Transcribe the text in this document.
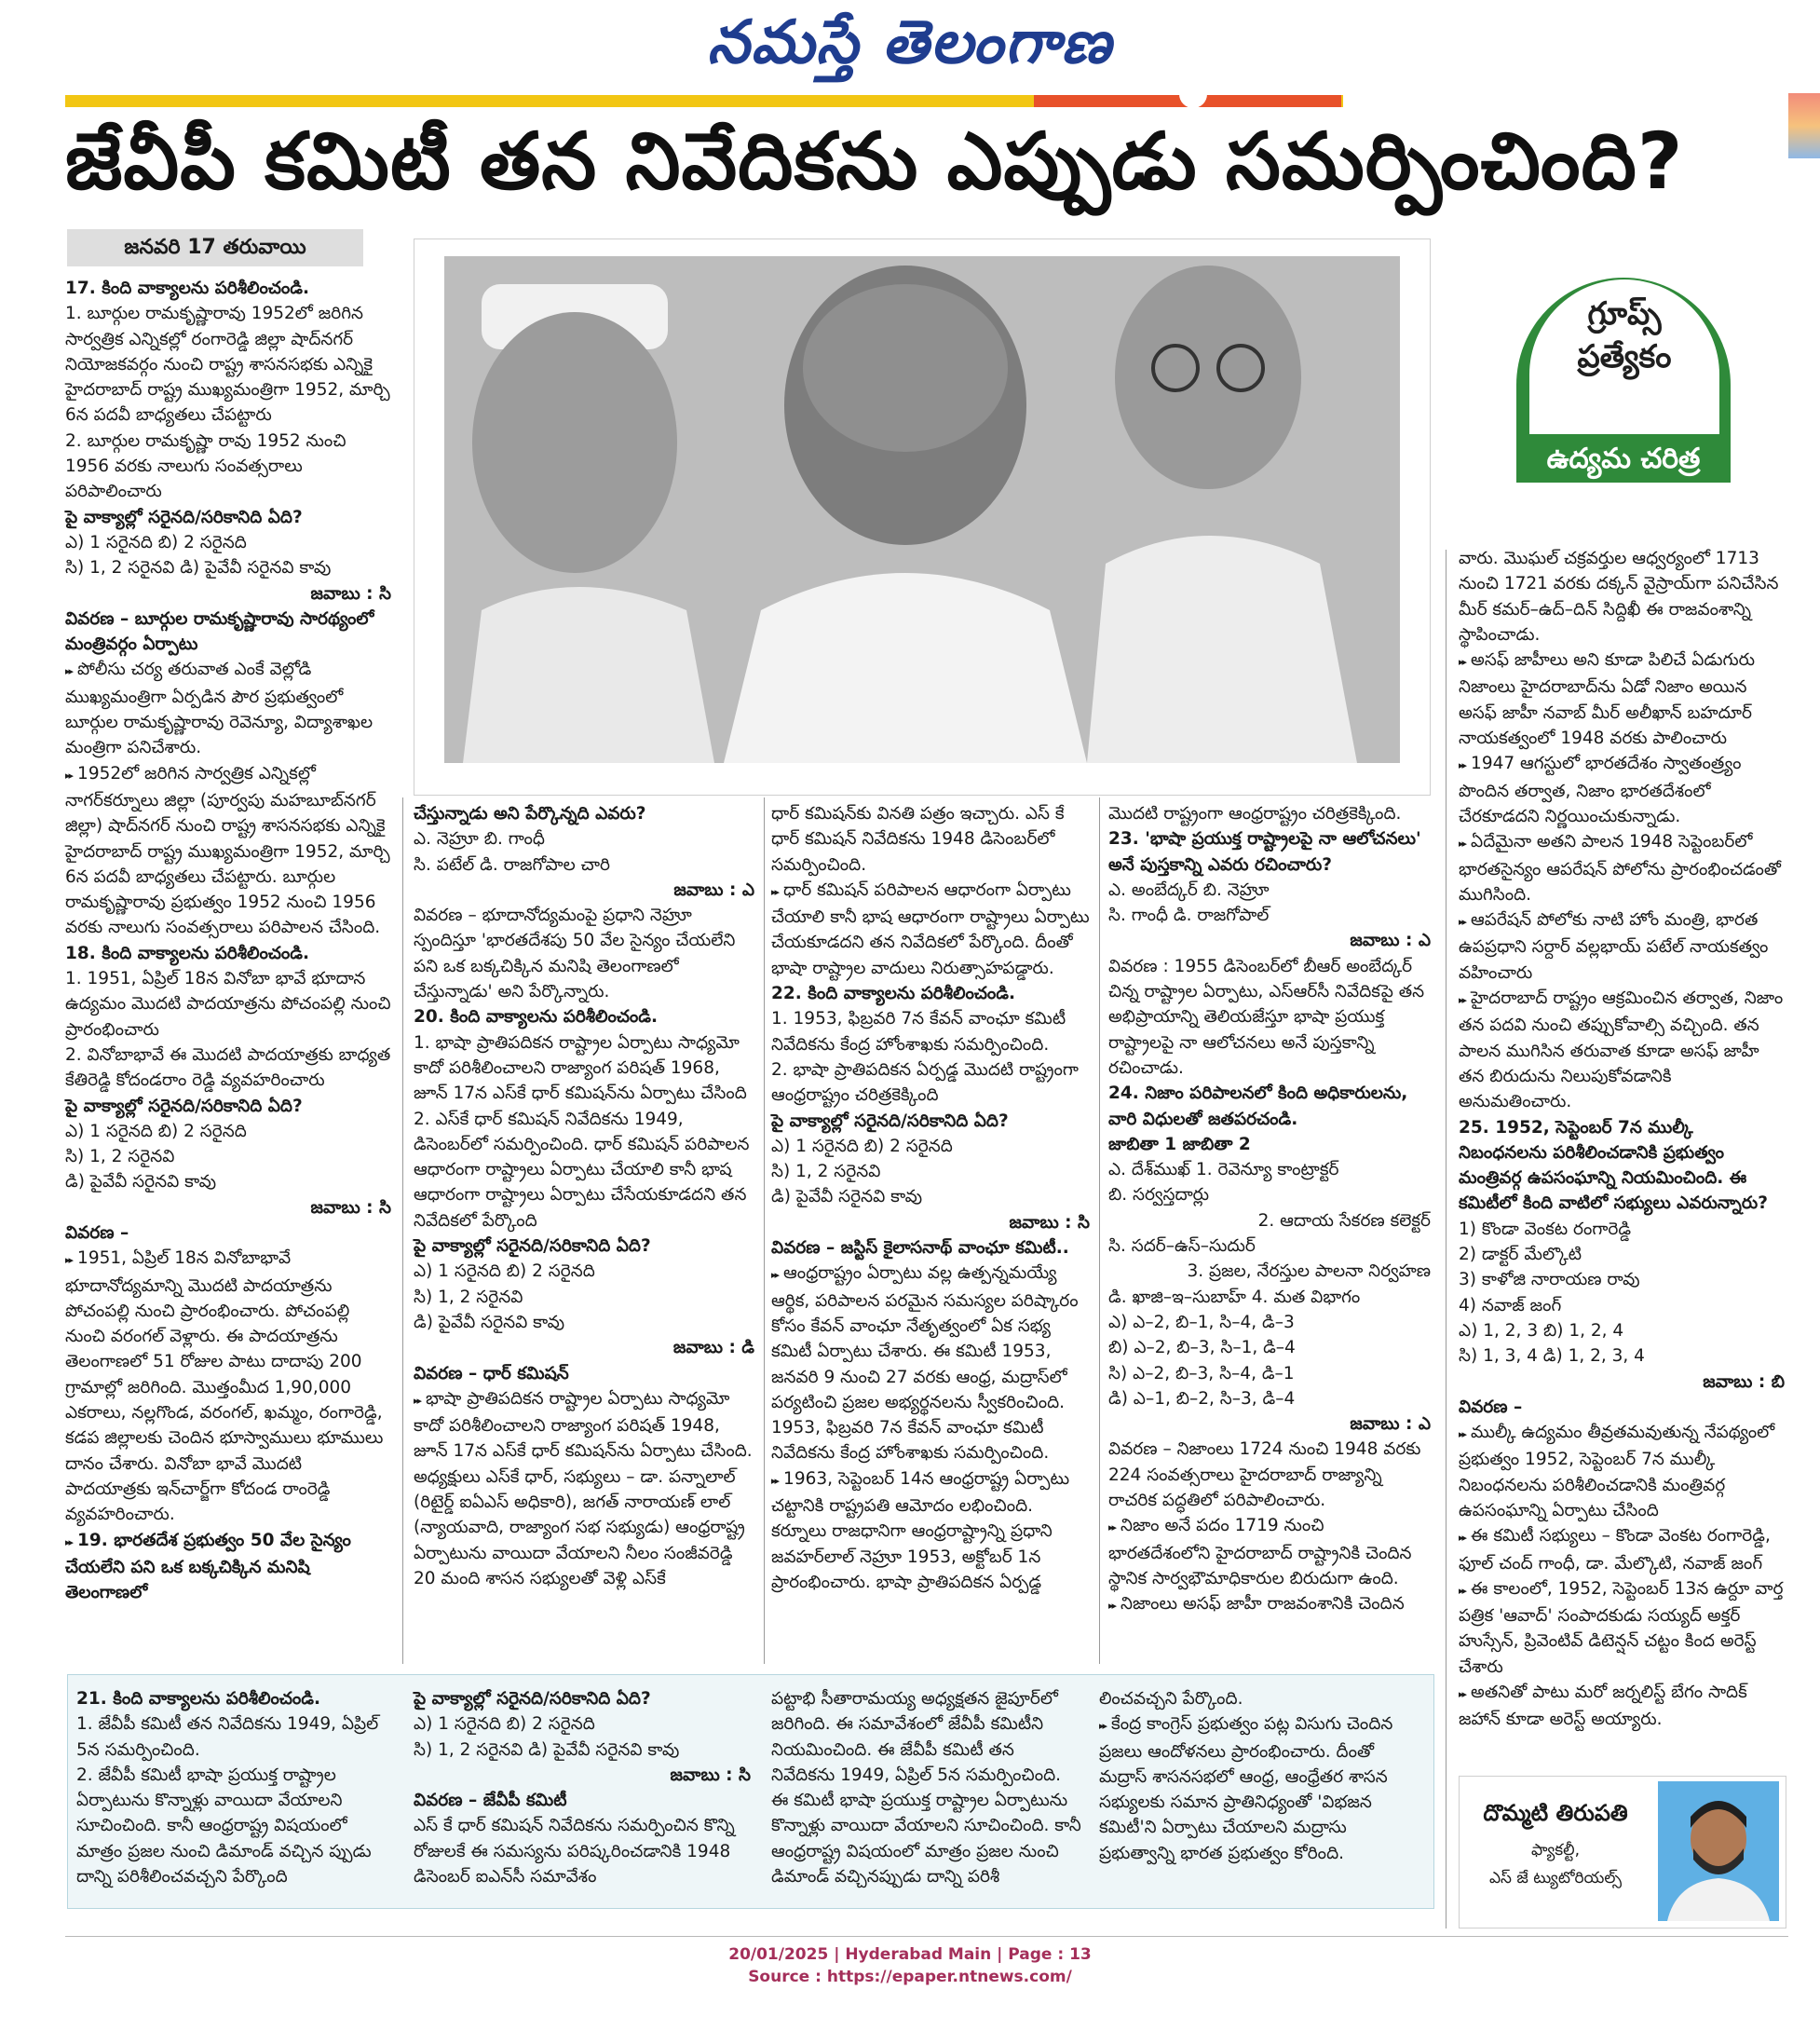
నమస్తే తెలంగాణ
జేవీపీ కమిటీ తన నివేదికను ఎప్పుడు సమర్పించింది?
జనవరి 17 తరువాయి

17. కింది వాక్యాలను పరిశీలించండి.

1. బూర్గుల రామకృష్ణారావు 1952లో జరిగిన సార్వత్రిక ఎన్నికల్లో రంగారెడ్డి జిల్లా షాద్‌నగర్ నియోజకవర్గం నుంచి రాష్ట్ర శాసనసభకు ఎన్నికై హైదరాబాద్ రాష్ట్ర ముఖ్యమంత్రిగా 1952, మార్చి 6న పదవీ బాధ్యతలు చేపట్టారు

2. బూర్గుల రామకృష్ణా రావు 1952 నుంచి 1956 వరకు నాలుగు సంవత్సరాలు పరిపాలించారు

పై వాక్యాల్లో సరైనది/సరికానిది ఏది?

ఎ) 1 సరైనది బి) 2 సరైనది

సి) 1, 2 సరైనవి డి) పైవేవీ సరైనవి కావు

జవాబు : సి

వివరణ – బూర్గుల రామకృష్ణారావు సారథ్యంలో మంత్రివర్గం ఏర్పాటు

▸▸ పోలీసు చర్య తరువాత ఎంకే వెల్లోడి ముఖ్యమంత్రిగా ఏర్పడిన పౌర ప్రభుత్వంలో బూర్గుల రామకృష్ణారావు రెవెన్యూ, విద్యాశాఖల మంత్రిగా పనిచేశారు.

▸▸ 1952లో జరిగిన సార్వత్రిక ఎన్నికల్లో నాగర్‌కర్నూలు జిల్లా (పూర్వపు మహబూబ్‌నగర్ జిల్లా) షాద్‌నగర్ నుంచి రాష్ట్ర శాసనసభకు ఎన్నికై హైదరాబాద్ రాష్ట్ర ముఖ్యమంత్రిగా 1952, మార్చి 6న పదవీ బాధ్యతలు చేపట్టారు. బూర్గుల రామకృష్ణారావు ప్రభుత్వం 1952 నుంచి 1956 వరకు నాలుగు సంవత్సరాలు పరిపాలన చేసింది.

18. కింది వాక్యాలను పరిశీలించండి.

1. 1951, ఏప్రిల్ 18న వినోబా భావే భూదాన ఉద్యమం మొదటి పాదయాత్రను పోచంపల్లి నుంచి ప్రారంభించారు

2. వినోబాభావే ఈ మొదటి పాదయాత్రకు బాధ్యత కేతిరెడ్డి కోదండరాం రెడ్డి వ్యవహరించారు

పై వాక్యాల్లో సరైనది/సరికానిది ఏది?

ఎ) 1 సరైనది బి) 2 సరైనది

సి) 1, 2 సరైనవి

డి) పైవేవీ సరైనవి కావు

జవాబు : సి

వివరణ –

▸▸ 1951, ఏప్రిల్ 18న వినోబాభావే భూదానోద్యమాన్ని మొదటి పాదయాత్రను పోచంపల్లి నుంచి ప్రారంభించారు. పోచంపల్లి నుంచి వరంగల్ వెళ్లారు. ఈ పాదయాత్రను తెలంగాణలో 51 రోజుల పాటు దాదాపు 200 గ్రామాల్లో జరిగింది. మొత్తంమీద 1,90,000 ఎకరాలు, నల్లగొండ, వరంగల్, ఖమ్మం, రంగారెడ్డి, కడప జిల్లాలకు చెందిన భూస్వాములు భూములు దానం చేశారు. వినోబా భావే మొదటి పాదయాత్రకు ఇన్‌చార్జ్‌గా కోదండ రాంరెడ్డి వ్యవహరించారు.

▸▸ 19. భారతదేశ ప్రభుత్వం 50 వేల సైన్యం చేయలేని పని ఒక బక్కచిక్కిన మనిషి తెలంగాణలో

గ్రూప్స్
ప్రత్యేకం
ఉద్యమ చరిత్ర

చేస్తున్నాడు అని పేర్కొన్నది ఎవరు?

ఎ. నెహ్రూ బి. గాంధీ

సి. పటేల్ డి. రాజగోపాల చారి

జవాబు : ఎ

వివరణ – భూదానోద్యమంపై ప్రధాని నెహ్రూ స్పందిస్తూ 'భారతదేశపు 50 వేల సైన్యం చేయలేని పని ఒక బక్కచిక్కిన మనిషి తెలంగాణలో చేస్తున్నాడు' అని పేర్కొన్నారు.

20. కింది వాక్యాలను పరిశీలించండి.

1. భాషా ప్రాతిపదికన రాష్ట్రాల ఏర్పాటు సాధ్యమో కాదో పరిశీలించాలని రాజ్యాంగ పరిషత్ 1968, జూన్ 17న ఎస్‌కే ధార్ కమిషన్‌ను ఏర్పాటు చేసింది

2. ఎస్‌కే ధార్ కమిషన్ నివేదికను 1949, డిసెంబర్‌లో సమర్పించింది. ధార్ కమిషన్ పరిపాలన ఆధారంగా రాష్ట్రాలు ఏర్పాటు చేయాలి కానీ భాష ఆధారంగా రాష్ట్రాలు ఏర్పాటు చేసేయకూడదని తన నివేదికలో పేర్కొంది

పై వాక్యాల్లో సరైనది/సరికానిది ఏది?

ఎ) 1 సరైనది బి) 2 సరైనది

సి) 1, 2 సరైనవి

డి) పైవేవీ సరైనవి కావు

జవాబు : డి

వివరణ – ధార్ కమిషన్

▸▸ భాషా ప్రాతిపదికన రాష్ట్రాల ఏర్పాటు సాధ్యమో కాదో పరిశీలించాలని రాజ్యాంగ పరిషత్ 1948, జూన్ 17న ఎస్‌కే ధార్ కమిషన్‌ను ఏర్పాటు చేసింది. అధ్యక్షులు ఎస్‌కే ధార్, సభ్యులు – డా. పన్నాలాల్ (రిటైర్డ్ ఐఏఎస్ అధికారి), జగత్ నారాయణ్ లాల్ (న్యాయవాది, రాజ్యాంగ సభ సభ్యుడు) ఆంధ్రరాష్ట్ర ఏర్పాటును వాయిదా వేయాలని నీలం సంజీవరెడ్డి 20 మంది శాసన సభ్యులతో వెళ్లి ఎస్‌కే

ధార్ కమిషన్‌కు వినతి పత్రం ఇచ్చారు. ఎస్ కే ధార్ కమిషన్ నివేదికను 1948 డిసెంబర్‌లో సమర్పించింది.

▸▸ ధార్ కమిషన్ పరిపాలన ఆధారంగా ఏర్పాటు చేయాలి కానీ భాష ఆధారంగా రాష్ట్రాలు ఏర్పాటు చేయకూడదని తన నివేదికలో పేర్కొంది. దీంతో భాషా రాష్ట్రాల వాదులు నిరుత్సాహపడ్డారు.

22. కింది వాక్యాలను పరిశీలించండి.

1. 1953, ఫిబ్రవరి 7న కేవన్ వాంఛూ కమిటీ నివేదికను కేంద్ర హోంశాఖకు సమర్పించింది.

2. భాషా ప్రాతిపదికన ఏర్పడ్డ మొదటి రాష్ట్రంగా ఆంధ్రరాష్ట్రం చరిత్రకెక్కింది

పై వాక్యాల్లో సరైనది/సరికానిది ఏది?

ఎ) 1 సరైనది బి) 2 సరైనది

సి) 1, 2 సరైనవి

డి) పైవేవీ సరైనవి కావు

జవాబు : సి

వివరణ – జస్టిస్ కైలాసనాథ్ వాంఛూ కమిటీ..

▸▸ ఆంధ్రరాష్ట్రం ఏర్పాటు వల్ల ఉత్పన్నమయ్యే ఆర్థిక, పరిపాలన పరమైన సమస్యల పరిష్కారం కోసం కేవన్ వాంఛూ నేతృత్వంలో ఏక సభ్య కమిటీ ఏర్పాటు చేశారు. ఈ కమిటీ 1953, జనవరి 9 నుంచి 27 వరకు ఆంధ్ర, మద్రాస్‌లో పర్యటించి ప్రజల అభ్యర్థనలను స్వీకరించింది. 1953, ఫిబ్రవరి 7న కేవన్ వాంఛూ కమిటీ నివేదికను కేంద్ర హోంశాఖకు సమర్పించింది.

▸▸ 1963, సెప్టెంబర్ 14న ఆంధ్రరాష్ట్ర ఏర్పాటు చట్టానికి రాష్ట్రపతి ఆమోదం లభించింది. కర్నూలు రాజధానిగా ఆంధ్రరాష్ట్రాన్ని ప్రధాని జవహర్‌లాల్ నెహ్రూ 1953, అక్టోబర్ 1న ప్రారంభించారు. భాషా ప్రాతిపదికన ఏర్పడ్డ

మొదటి రాష్ట్రంగా ఆంధ్రరాష్ట్రం చరిత్రకెక్కింది.

23. 'భాషా ప్రయుక్త రాష్ట్రాలపై నా ఆలోచనలు' అనే పుస్తకాన్ని ఎవరు రచించారు?

ఎ. అంబేద్కర్ బి. నెహ్రూ

సి. గాంధీ డి. రాజగోపాల్

జవాబు : ఎ

వివరణ : 1955 డిసెంబర్‌లో బీఆర్ అంబేద్కర్ చిన్న రాష్ట్రాల ఏర్పాటు, ఎస్ఆర్‌సీ నివేదికపై తన అభిప్రాయాన్ని తెలియజేస్తూ భాషా ప్రయుక్త రాష్ట్రాలపై నా ఆలోచనలు అనే పుస్తకాన్ని రచించాడు.

24. నిజాం పరిపాలనలో కింది అధికారులను, వారి విధులతో జతపరచండి.

జాబితా 1 జాబితా 2

ఎ. దేశ్‌ముఖ్ 1. రెవెన్యూ కాంట్రాక్టర్

బి. సర్వస్తదార్లు

2. ఆదాయ సేకరణ కలెక్టర్

సి. సదర్–ఉస్–సుదుర్

3. ప్రజల, నేరస్తుల పాలనా నిర్వహణ

డి. ఖాజి–ఇ–సుబాహ్ 4. మత విభాగం

ఎ) ఎ–2, బి–1, సి–4, డి–3

బి) ఎ–2, బి–3, సి–1, డి–4

సి) ఎ–2, బి–3, సి–4, డి–1

డి) ఎ–1, బి–2, సి–3, డి–4

జవాబు : ఎ

వివరణ – నిజాంలు 1724 నుంచి 1948 వరకు 224 సంవత్సరాలు హైదరాబాద్ రాజ్యాన్ని రాచరిక పద్ధతిలో పరిపాలించారు.

▸▸ నిజాం అనే పదం 1719 నుంచి భారతదేశంలోని హైదరాబాద్ రాష్ట్రానికి చెందిన స్థానిక సార్వభౌమాధికారుల బిరుదుగా ఉంది.

▸▸ నిజాంలు అసఫ్ జాహీ రాజవంశానికి చెందిన

వారు. మొఘల్ చక్రవర్తుల ఆధ్వర్యంలో 1713 నుంచి 1721 వరకు దక్కన్ వైస్రాయ్‌గా పనిచేసిన మీర్ కమర్–ఉద్–దిన్ సిద్దిఖీ ఈ రాజవంశాన్ని స్థాపించాడు.

▸▸ అసఫ్ జాహీలు అని కూడా పిలిచే ఏడుగురు నిజాంలు హైదరాబాద్‌ను ఏడో నిజాం అయిన అసఫ్ జాహీ నవాబ్ మీర్ అలీఖాన్ బహదూర్ నాయకత్వంలో 1948 వరకు పాలించారు

▸▸ 1947 ఆగస్టులో భారతదేశం స్వాతంత్ర్యం పొందిన తర్వాత, నిజాం భారతదేశంలో చేరకూడదని నిర్ణయించుకున్నాడు.

▸▸ ఏదేమైనా అతని పాలన 1948 సెప్టెంబర్‌లో భారతసైన్యం ఆపరేషన్ పోలోను ప్రారంభించడంతో ముగిసింది.

▸▸ ఆపరేషన్ పోలోకు నాటి హోం మంత్రి, భారత ఉపప్రధాని సర్దార్ వల్లభాయ్ పటేల్ నాయకత్వం వహించారు

▸▸ హైదరాబాద్ రాష్ట్రం ఆక్రమించిన తర్వాత, నిజాం తన పదవి నుంచి తప్పుకోవాల్సి వచ్చింది. తన పాలన ముగిసిన తరువాత కూడా అసఫ్ జాహీ తన బిరుదును నిలుపుకోవడానికి అనుమతించారు.

25. 1952, సెప్టెంబర్ 7న ముల్కీ నిబంధనలను పరిశీలించడానికి ప్రభుత్వం మంత్రివర్గ ఉపసంఘాన్ని నియమించింది. ఈ కమిటీలో కింది వాటిలో సభ్యులు ఎవరున్నారు?

1) కొండా వెంకట రంగారెడ్డి

2) డాక్టర్ మేల్కొటి

3) కాళోజి నారాయణ రావు

4) నవాజ్ జంగ్

ఎ) 1, 2, 3 బి) 1, 2, 4

సి) 1, 3, 4 డి) 1, 2, 3, 4

జవాబు : బి

వివరణ –

▸▸ ముల్కీ ఉద్యమం తీవ్రతమవుతున్న నేపథ్యంలో ప్రభుత్వం 1952, సెప్టెంబర్ 7న ముల్కీ నిబంధనలను పరిశీలించడానికి మంత్రివర్గ ఉపసంఘాన్ని ఏర్పాటు చేసింది

▸▸ ఈ కమిటీ సభ్యులు – కొండా వెంకట రంగారెడ్డి, ఫూల్ చంద్ గాంధీ, డా. మేల్కొటి, నవాజ్ జంగ్

▸▸ ఈ కాలంలో, 1952, సెప్టెంబర్ 13న ఉర్దూ వార్త పత్రిక 'ఆవాద్' సంపాదకుడు సయ్యద్ అక్తర్ హుస్సేన్, ప్రివెంటివ్ డిటెన్షన్ చట్టం కింద అరెస్ట్ చేశారు

▸▸ అతనితో పాటు మరో జర్నలిస్ట్ బేగం సాదిక్ జహాన్ కూడా అరెస్ట్ అయ్యారు.

21. కింది వాక్యాలను పరిశీలించండి.

1. జేవీపీ కమిటీ తన నివేదికను 1949, ఏప్రిల్ 5న సమర్పించింది.

2. జేవీపీ కమిటీ భాషా ప్రయుక్త రాష్ట్రాల ఏర్పాటును కొన్నాళ్లు వాయిదా వేయాలని సూచించింది. కానీ ఆంధ్రరాష్ట్ర విషయంలో మాత్రం ప్రజల నుంచి డిమాండ్ వచ్చిన ప్పుడు దాన్ని పరిశీలించవచ్చని పేర్కొంది

పై వాక్యాల్లో సరైనది/సరికానిది ఏది?

ఎ) 1 సరైనది బి) 2 సరైనది

సి) 1, 2 సరైనవి డి) పైవేవీ సరైనవి కావు

జవాబు : సి

వివరణ – జేవీపీ కమిటీ

ఎస్ కే ధార్ కమిషన్ నివేదికను సమర్పించిన కొన్ని రోజులకే ఈ సమస్యను పరిష్కరించడానికి 1948 డిసెంబర్ ఐఎన్‌సీ సమావేశం

పట్టాభి సీతారామయ్య అధ్యక్షతన జైపూర్‌లో జరిగింది. ఈ సమావేశంలో జేవీపీ కమిటీని నియమించింది. ఈ జేవీపీ కమిటీ తన నివేదికను 1949, ఏప్రిల్ 5న సమర్పించింది. ఈ కమిటీ భాషా ప్రయుక్త రాష్ట్రాల ఏర్పాటును కొన్నాళ్లు వాయిదా వేయాలని సూచించింది. కానీ ఆంధ్రరాష్ట్ర విషయంలో మాత్రం ప్రజల నుంచి డిమాండ్ వచ్చినప్పుడు దాన్ని పరిశీ

లించవచ్చని పేర్కొంది.

▸▸ కేంద్ర కాంగ్రెస్ ప్రభుత్వం పట్ల విసుగు చెందిన ప్రజలు ఆందోళనలు ప్రారంభించారు. దీంతో మద్రాస్ శాసనసభలో ఆంధ్ర, ఆంధ్రేతర శాసన సభ్యులకు సమాన ప్రాతినిధ్యంతో 'విభజన కమిటీ'ని ఏర్పాటు చేయాలని మద్రాసు ప్రభుత్వాన్ని భారత ప్రభుత్వం కోరింది.

దొమ్మటి తిరుపతి
ఫ్యాకల్టీ,
ఎస్ జే ట్యుటోరియల్స్
20/01/2025 | Hyderabad Main | Page : 13
Source : https://epaper.ntnews.com/
